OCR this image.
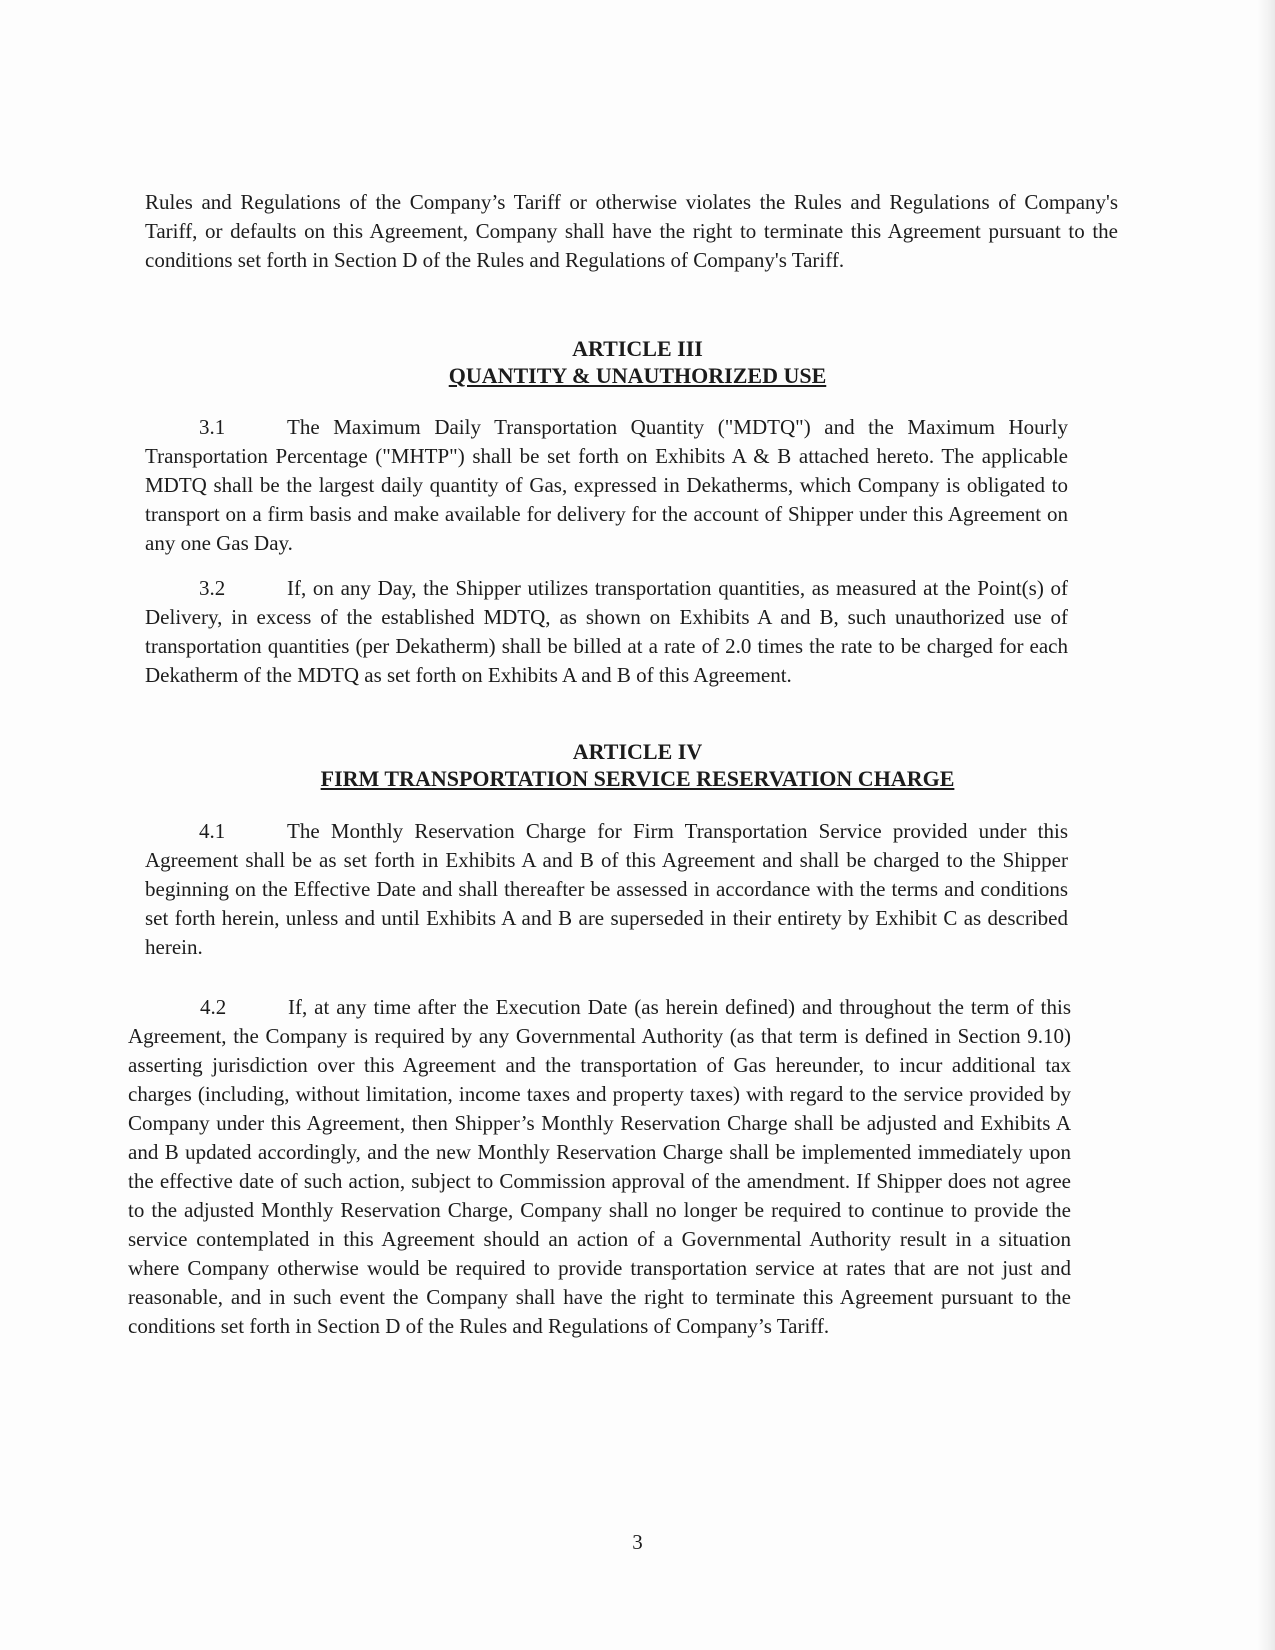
Rules and Regulations of the Company’s Tariff or otherwise violates the Rules and Regulations of Company's Tariff, or defaults on this Agreement, Company shall have the right to terminate this Agreement pursuant to the conditions set forth in Section D of the Rules and Regulations of Company's Tariff.

ARTICLE III
QUANTITY & UNAUTHORIZED USE

3.1	The Maximum Daily Transportation Quantity ("MDTQ") and the Maximum Hourly Transportation Percentage ("MHTP") shall be set forth on Exhibits A & B attached hereto. The applicable MDTQ shall be the largest daily quantity of Gas, expressed in Dekatherms, which Company is obligated to transport on a firm basis and make available for delivery for the account of Shipper under this Agreement on any one Gas Day.

3.2	If, on any Day, the Shipper utilizes transportation quantities, as measured at the Point(s) of Delivery, in excess of the established MDTQ, as shown on Exhibits A and B, such unauthorized use of transportation quantities (per Dekatherm) shall be billed at a rate of 2.0 times the rate to be charged for each Dekatherm of the MDTQ as set forth on Exhibits A and B of this Agreement.

ARTICLE IV
FIRM TRANSPORTATION SERVICE RESERVATION CHARGE

4.1	The Monthly Reservation Charge for Firm Transportation Service provided under this Agreement shall be as set forth in Exhibits A and B of this Agreement and shall be charged to the Shipper beginning on the Effective Date and shall thereafter be assessed in accordance with the terms and conditions set forth herein, unless and until Exhibits A and B are superseded in their entirety by Exhibit C as described herein.

4.2	If, at any time after the Execution Date (as herein defined) and throughout the term of this Agreement, the Company is required by any Governmental Authority (as that term is defined in Section 9.10) asserting jurisdiction over this Agreement and the transportation of Gas hereunder, to incur additional tax charges (including, without limitation, income taxes and property taxes) with regard to the service provided by Company under this Agreement, then Shipper’s Monthly Reservation Charge shall be adjusted and Exhibits A and B updated accordingly, and the new Monthly Reservation Charge shall be implemented immediately upon the effective date of such action, subject to Commission approval of the amendment. If Shipper does not agree to the adjusted Monthly Reservation Charge, Company shall no longer be required to continue to provide the service contemplated in this Agreement should an action of a Governmental Authority result in a situation where Company otherwise would be required to provide transportation service at rates that are not just and reasonable, and in such event the Company shall have the right to terminate this Agreement pursuant to the conditions set forth in Section D of the Rules and Regulations of Company’s Tariff.

3
